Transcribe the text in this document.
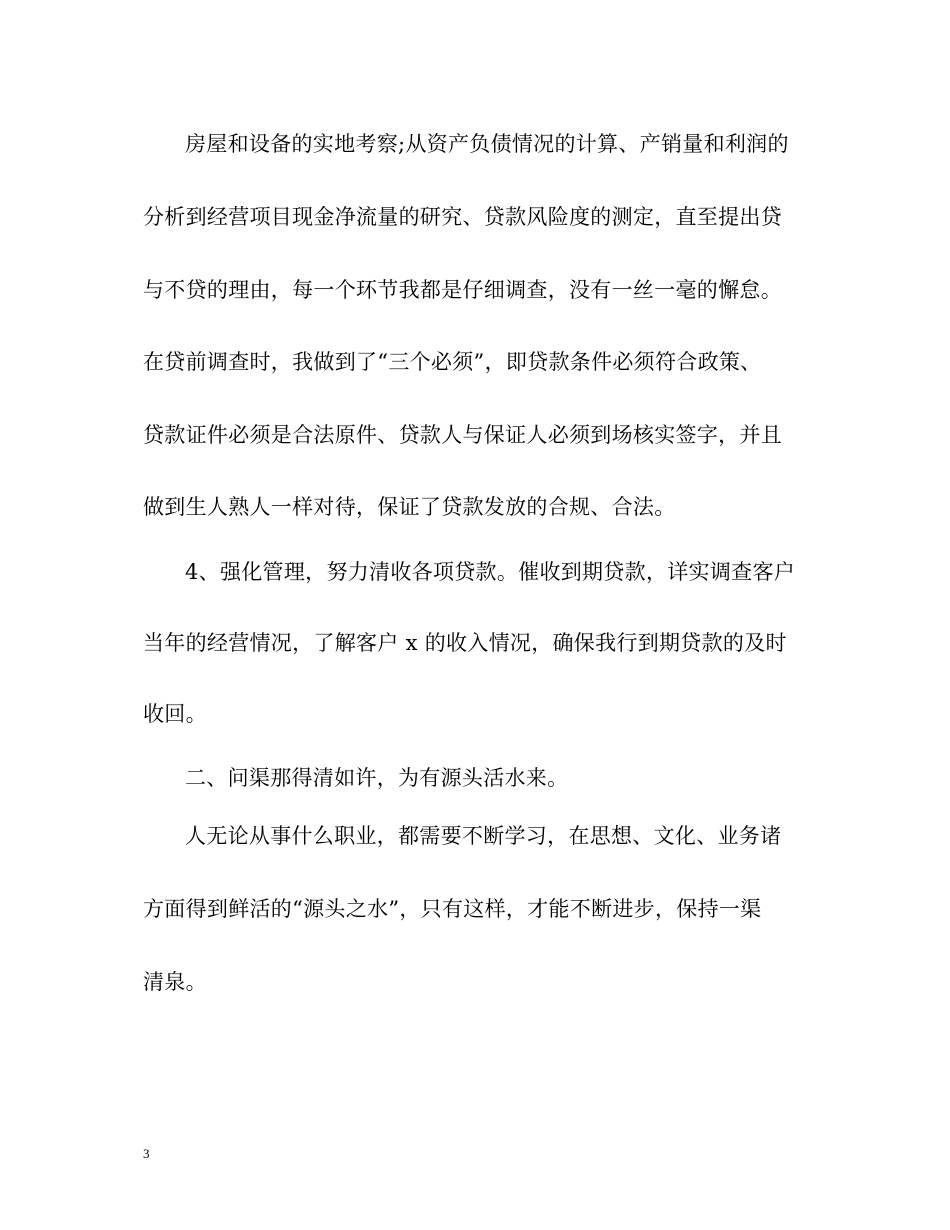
房屋和设备的实地考察;从资产负债情况的计算、产销量和利润的
分析到经营项目现金净流量的研究、贷款风险度的测定，直至提出贷
与不贷的理由，每一个环节我都是仔细调查，没有一丝一毫的懈怠。
在贷前调查时，我做到了“三个必须”，即贷款条件必须符合政策、
贷款证件必须是合法原件、贷款人与保证人必须到场核实签字，并且
做到生人熟人一样对待，保证了贷款发放的合规、合法。
4、强化管理，努力清收各项贷款。催收到期贷款，详实调查客户
当年的经营情况，了解客户 x 的收入情况，确保我行到期贷款的及时
收回。
二、问渠那得清如许，为有源头活水来。
人无论从事什么职业，都需要不断学习，在思想、文化、业务诸
方面得到鲜活的“源头之水”，只有这样，才能不断进步，保持一渠
清泉。
3
